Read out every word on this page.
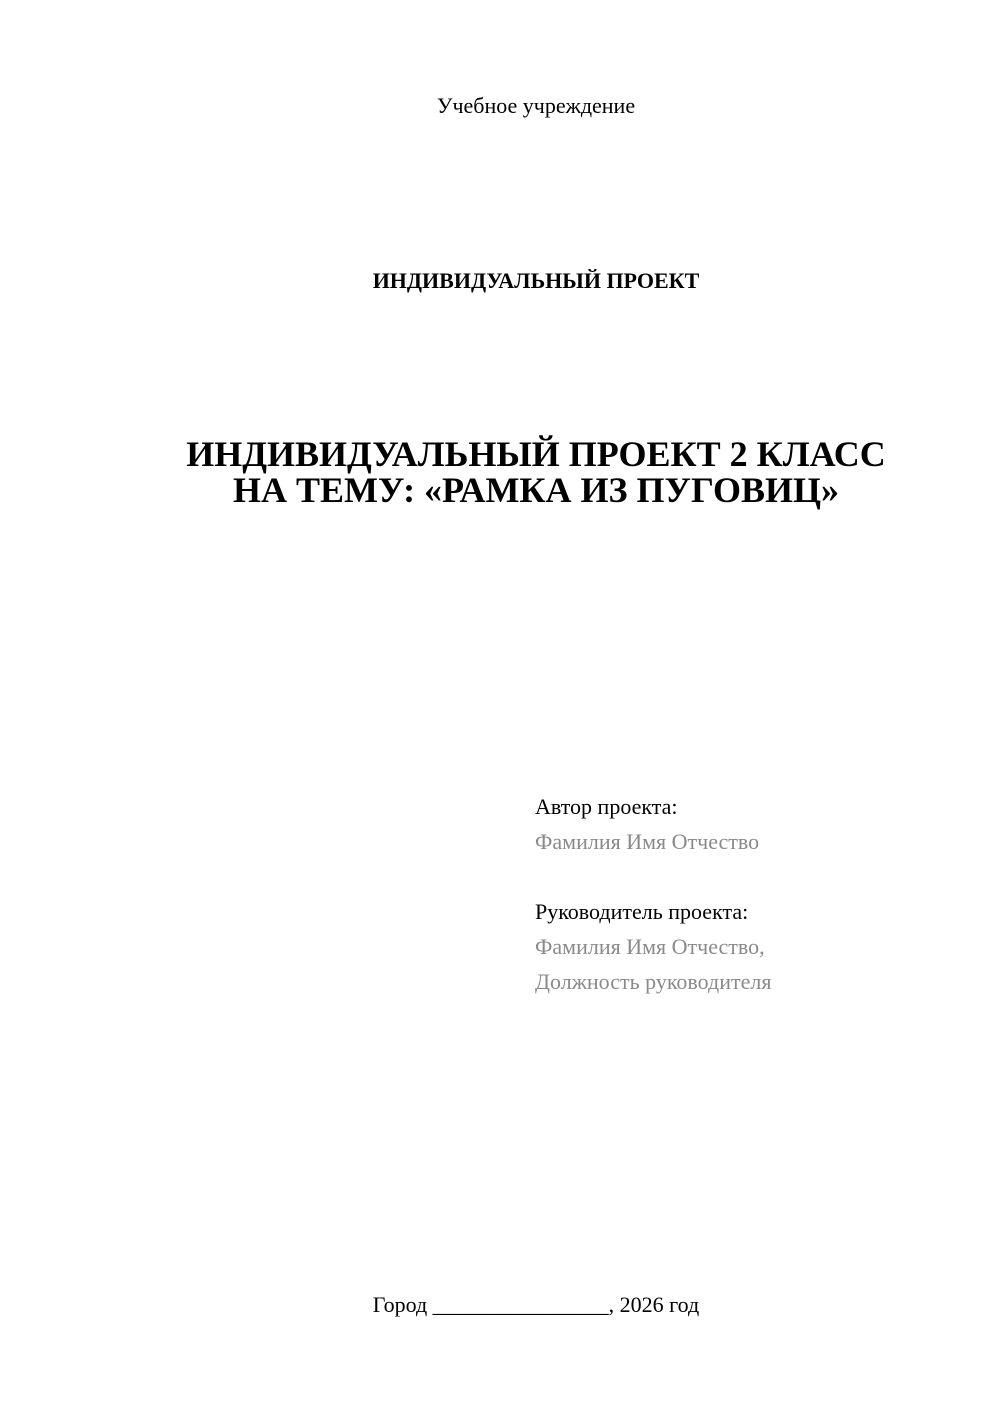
Учебное учреждение
ИНДИВИДУАЛЬНЫЙ ПРОЕКТ
ИНДИВИДУАЛЬНЫЙ ПРОЕКТ 2 КЛАСС
НА ТЕМУ: «РАМКА ИЗ ПУГОВИЦ»
Автор проекта:
Фамилия Имя Отчество
Руководитель проекта:
Фамилия Имя Отчество,
Должность руководителя
Город ________________, 2026 год
